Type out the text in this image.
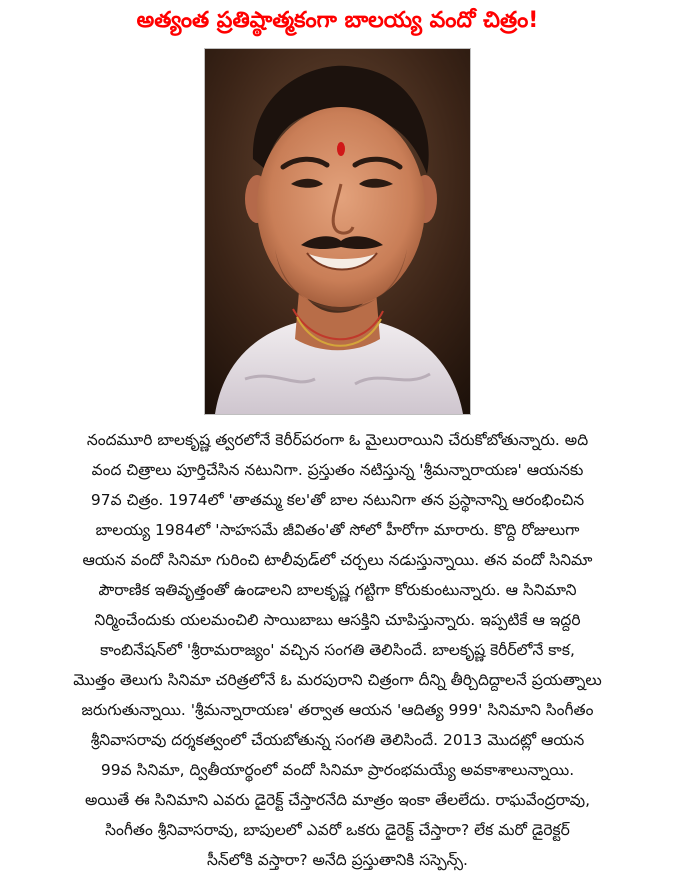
అత్యంత ప్రతిష్ఠాత్మకంగా బాలయ్య వందో చిత్రం!
నందమూరి బాలకృష్ణ త్వరలోనే కెరీర్‌పరంగా ఓ మైలురాయిని చేరుకోబోతున్నారు. అది
వంద చిత్రాలు పూర్తిచేసిన నటునిగా. ప్రస్తుతం నటిస్తున్న 'శ్రీమన్నారాయణ' ఆయనకు
97వ చిత్రం. 1974లో 'తాతమ్మ కల'తో బాల నటునిగా తన ప్రస్థానాన్ని ఆరంభించిన
బాలయ్య 1984లో 'సాహసమే జీవితం'తో సోలో హీరోగా మారారు. కొద్ది రోజులుగా
ఆయన వందో సినిమా గురించి టాలీవుడ్‌లో చర్చలు నడుస్తున్నాయి. తన వందో సినిమా
పౌరాణిక ఇతివృత్తంతో ఉండాలని బాలకృష్ణ గట్టిగా కోరుకుంటున్నారు. ఆ సినిమాని
నిర్మించేందుకు యలమంచిలి సాయిబాబు ఆసక్తిని చూపిస్తున్నారు. ఇప్పటికే ఆ ఇద్దరి
కాంబినేషన్‌లో 'శ్రీరామరాజ్యం' వచ్చిన సంగతి తెలిసిందే. బాలకృష్ణ కెరీర్‌లోనే కాక,
మొత్తం తెలుగు సినిమా చరిత్రలోనే ఓ మరపురాని చిత్రంగా దీన్ని తీర్చిదిద్దాలనే ప్రయత్నాలు
జరుగుతున్నాయి. 'శ్రీమన్నారాయణ' తర్వాత ఆయన 'ఆదిత్య 999' సినిమాని సింగీతం
శ్రీనివాసరావు దర్శకత్వంలో చేయబోతున్న సంగతి తెలిసిందే. 2013 మొదట్లో ఆయన
99వ సినిమా, ద్వితీయార్థంలో వందో సినిమా ప్రారంభమయ్యే అవకాశాలున్నాయి.
అయితే ఈ సినిమాని ఎవరు డైరెక్ట్ చేస్తారనేది మాత్రం ఇంకా తేలలేదు. రాఘవేంద్రరావు,
సింగీతం శ్రీనివాసరావు, బాపులలో ఎవరో ఒకరు డైరెక్ట్ చేస్తారా? లేక మరో డైరెక్టర్
సీన్‌లోకి వస్తారా? అనేది ప్రస్తుతానికి సస్పెన్స్.
